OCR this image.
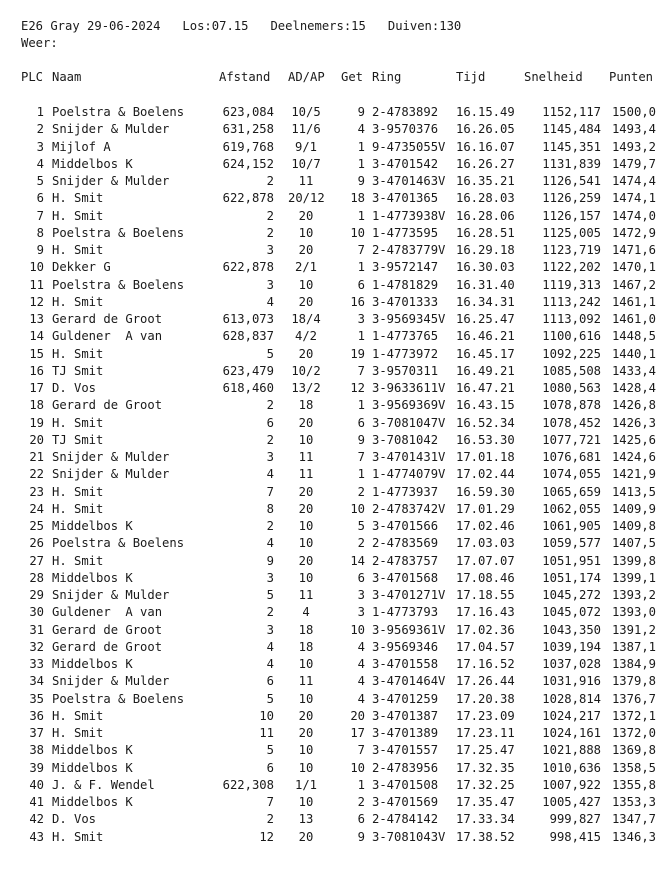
E26 Gray 29-06-2024   Los:07.15   Deelnemers:15   Duiven:130
Weer:
PLC Naam	Afstand AD/AP Get Ring	Tijd	Snelheid Punten
1 Poelstra & Boelens	623,084 10/5	9 2-4783892 16.15.49	1152,117 1500,0
2 Snijder & Mulder	631,258 11/6	4 3-9570376 16.26.05	1145,484 1493,4
3 Mijlof A	619,768	9/1	1 9-4735055V 16.16.07	1145,351 1493,2
4 Middelbos K	624,152 10/7	1 3-4701542 16.26.27	1131,839 1479,7
5 Snijder & Mulder	2	11	9 3-4701463V 16.35.21	1126,541 1474,4
6 H. Smit	622,878 20/12	18 3-4701365 16.28.03	1126,259 1474,1
7 H. Smit	2	20	1 1-4773938V 16.28.06	1126,157 1474,0
8 Poelstra & Boelens	2	10	10 1-4773595 16.28.51	1125,005 1472,9
9 H. Smit	3	20	7 2-4783779V 16.29.18	1123,719 1471,6
10 Dekker G	622,878	2/1	1 3-9572147 16.30.03	1122,202 1470,1
11 Poelstra & Boelens	3	10	6 1-4781829 16.31.40	1119,313 1467,2
12 H. Smit	4	20	16 3-4701333 16.34.31	1113,242 1461,1
13 Gerard de Groot	613,073 18/4	3 3-9569345V 16.25.47	1113,092 1461,0
14 Guldener  A van	628,837	4/2	1 1-4773765 16.46.21	1100,616 1448,5
15 H. Smit	5	20	19 1-4773972 16.45.17	1092,225 1440,1
16 TJ Smit	623,479 10/2	7 3-9570311 16.49.21	1085,508 1433,4
17 D. Vos	618,460 13/2	12 3-9633611V 16.47.21	1080,563 1428,4
18 Gerard de Groot	2	18	1 3-9569369V 16.43.15	1078,878 1426,8
19 H. Smit	6	20	6 3-7081047V 16.52.34	1078,452 1426,3
20 TJ Smit	2	10	9 3-7081042 16.53.30	1077,721 1425,6
21 Snijder & Mulder	3	11	7 3-4701431V 17.01.18	1076,681 1424,6
22 Snijder & Mulder	4	11	1 1-4774079V 17.02.44	1074,055 1421,9
23 H. Smit	7	20	2 1-4773937 16.59.30	1065,659 1413,5
24 H. Smit	8	20	10 2-4783742V 17.01.29	1062,055 1409,9
25 Middelbos K	2	10	5 3-4701566 17.02.46	1061,905 1409,8
26 Poelstra & Boelens	4	10	2 2-4783569 17.03.03	1059,577 1407,5
27 H. Smit	9	20	14 2-4783757 17.07.07	1051,951 1399,8
28 Middelbos K	3	10	6 3-4701568 17.08.46	1051,174 1399,1
29 Snijder & Mulder	5	11	3 3-4701271V 17.18.55	1045,272 1393,2
30 Guldener  A van	2	4	3 1-4773793 17.16.43	1045,072 1393,0
31 Gerard de Groot	3	18	10 3-9569361V 17.02.36	1043,350 1391,2
32 Gerard de Groot	4	18	4 3-9569346 17.04.57	1039,194 1387,1
33 Middelbos K	4	10	4 3-4701558 17.16.52	1037,028 1384,9
34 Snijder & Mulder	6	11	4 3-4701464V 17.26.44	1031,916 1379,8
35 Poelstra & Boelens	5	10	4 3-4701259 17.20.38	1028,814 1376,7
36 H. Smit	10	20	20 3-4701387 17.23.09	1024,217 1372,1
37 H. Smit	11	20	17 3-4701389 17.23.11	1024,161 1372,0
38 Middelbos K	5	10	7 3-4701557 17.25.47	1021,888 1369,8
39 Middelbos K	6	10	10 2-4783956 17.32.35	1010,636 1358,5
40 J. & F. Wendel	622,308	1/1	1 3-4701508 17.32.25	1007,922 1355,8
41 Middelbos K	7	10	2 3-4701569 17.35.47	1005,427 1353,3
42 D. Vos	2	13	6 2-4784142 17.33.34	999,827 1347,7
43 H. Smit	12	20	9 3-7081043V 17.38.52	998,415 1346,3
